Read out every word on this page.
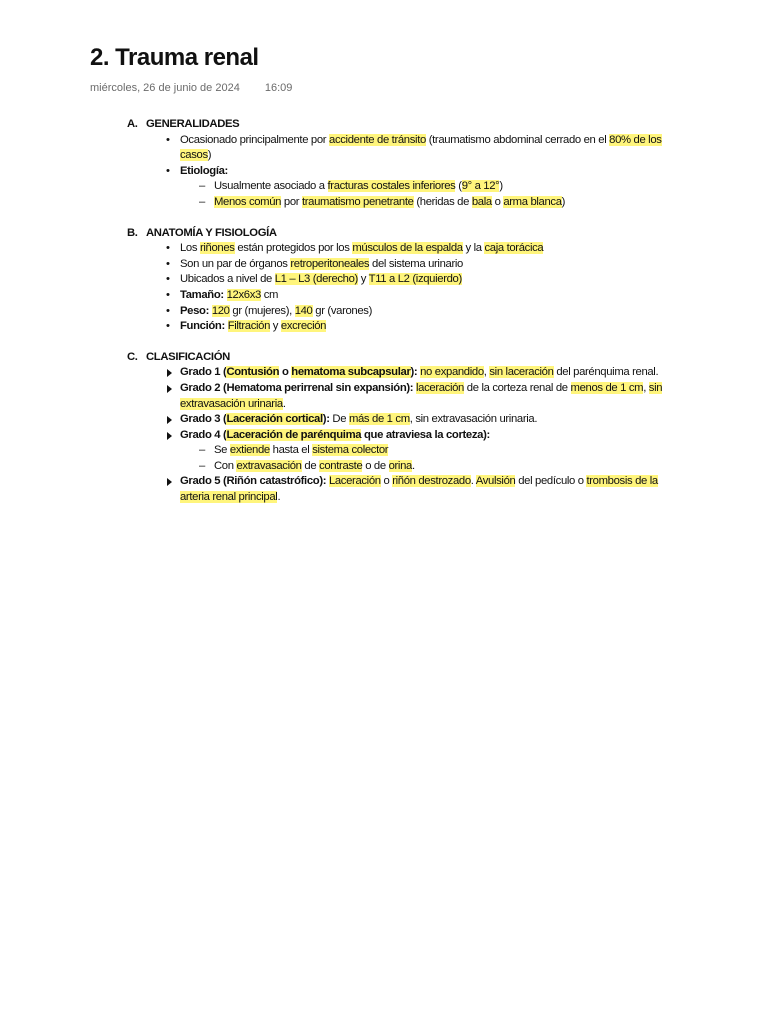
2. Trauma renal
miércoles, 26 de junio de 2024 16:09
A. GENERALIDADES
• Ocasionado principalmente por accidente de tránsito (traumatismo abdominal cerrado en el 80% de los casos)
• Etiología:
– Usualmente asociado a fracturas costales inferiores (9° a 12°)
– Menos común por traumatismo penetrante (heridas de bala o arma blanca)
B. ANATOMÍA Y FISIOLOGÍA
• Los riñones están protegidos por los músculos de la espalda y la caja torácica
• Son un par de órganos retroperitoneales del sistema urinario
• Ubicados a nivel de L1 – L3 (derecho) y T11 a L2 (izquierdo)
• Tamaño: 12x6x3 cm
• Peso: 120 gr (mujeres), 140 gr (varones)
• Función: Filtración y excreción
C. CLASIFICACIÓN
Grado 1 (Contusión o hematoma subcapsular): no expandido, sin laceración del parénquima renal.
Grado 2 (Hematoma perirrenal sin expansión): laceración de la corteza renal de menos de 1 cm, sin extravasación urinaria.
Grado 3 (Laceración cortical): De más de 1 cm, sin extravasación urinaria.
Grado 4 (Laceración de parénquima que atraviesa la corteza):
– Se extiende hasta el sistema colector
– Con extravasación de contraste o de orina.
Grado 5 (Riñón catastrófico): Laceración o riñón destrozado. Avulsión del pedículo o trombosis de la arteria renal principal.
